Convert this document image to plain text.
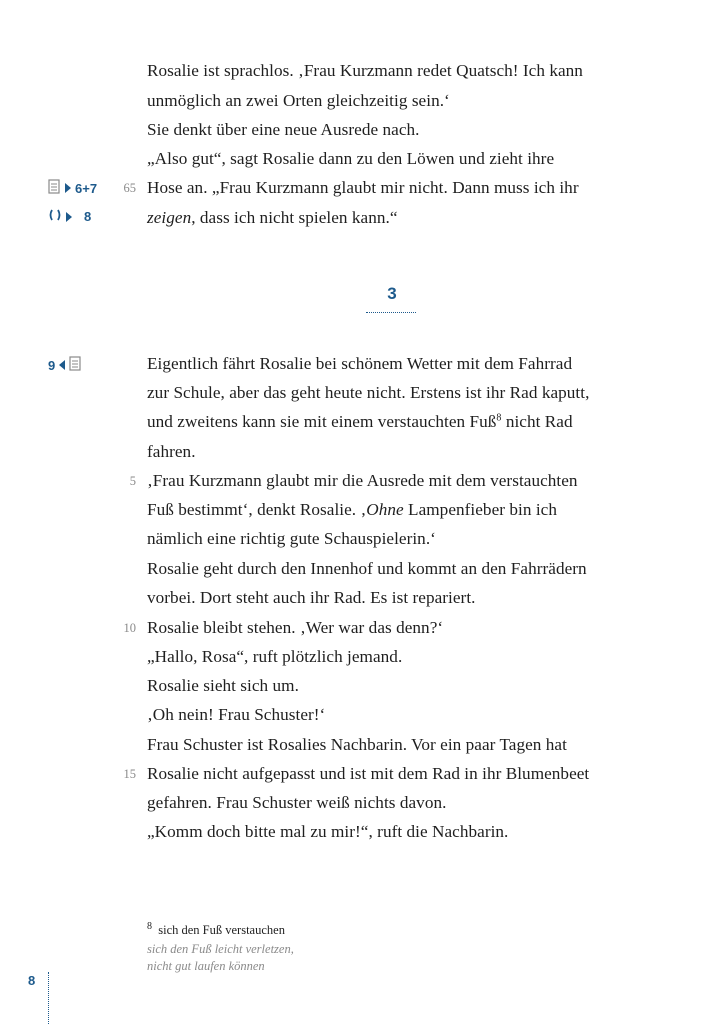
Rosalie ist sprachlos. ‚Frau Kurzmann redet Quatsch! Ich kann
unmöglich an zwei Orten gleichzeitig sein.‘
Sie denkt über eine neue Ausrede nach.
„Also gut“, sagt Rosalie dann zu den Löwen und zieht ihre
65 Hose an. „Frau Kurzmann glaubt mir nicht. Dann muss ich ihr
zeigen, dass ich nicht spielen kann.“
6+7
8
3
9	Eigentlich fährt Rosalie bei schönem Wetter mit dem Fahrrad
zur Schule, aber das geht heute nicht. Erstens ist ihr Rad kaputt,
und zweitens kann sie mit einem verstauchten Fuß$^8$ nicht Rad
fahren.
5 ‚Frau Kurzmann glaubt mir die Ausrede mit dem verstauchten
Fuß bestimmt‘, denkt Rosalie. ‚Ohne Lampenfieber bin ich
nämlich eine richtig gute Schauspielerin.‘
Rosalie geht durch den Innenhof und kommt an den Fahrrädern
vorbei. Dort steht auch ihr Rad. Es ist repariert.
10 Rosalie bleibt stehen. ‚Wer war das denn?‘
„Hallo, Rosa“, ruft plötzlich jemand.
Rosalie sieht sich um.
‚Oh nein! Frau Schuster!‘
Frau Schuster ist Rosalies Nachbarin. Vor ein paar Tagen hat
15 Rosalie nicht aufgepasst und ist mit dem Rad in ihr Blumenbeet
gefahren. Frau Schuster weiß nichts davon.
„Komm doch bitte mal zu mir!“, ruft die Nachbarin.
$^8$ sich den Fuß verstauchen
sich den Fuß leicht verletzen,
nicht gut laufen können
8
